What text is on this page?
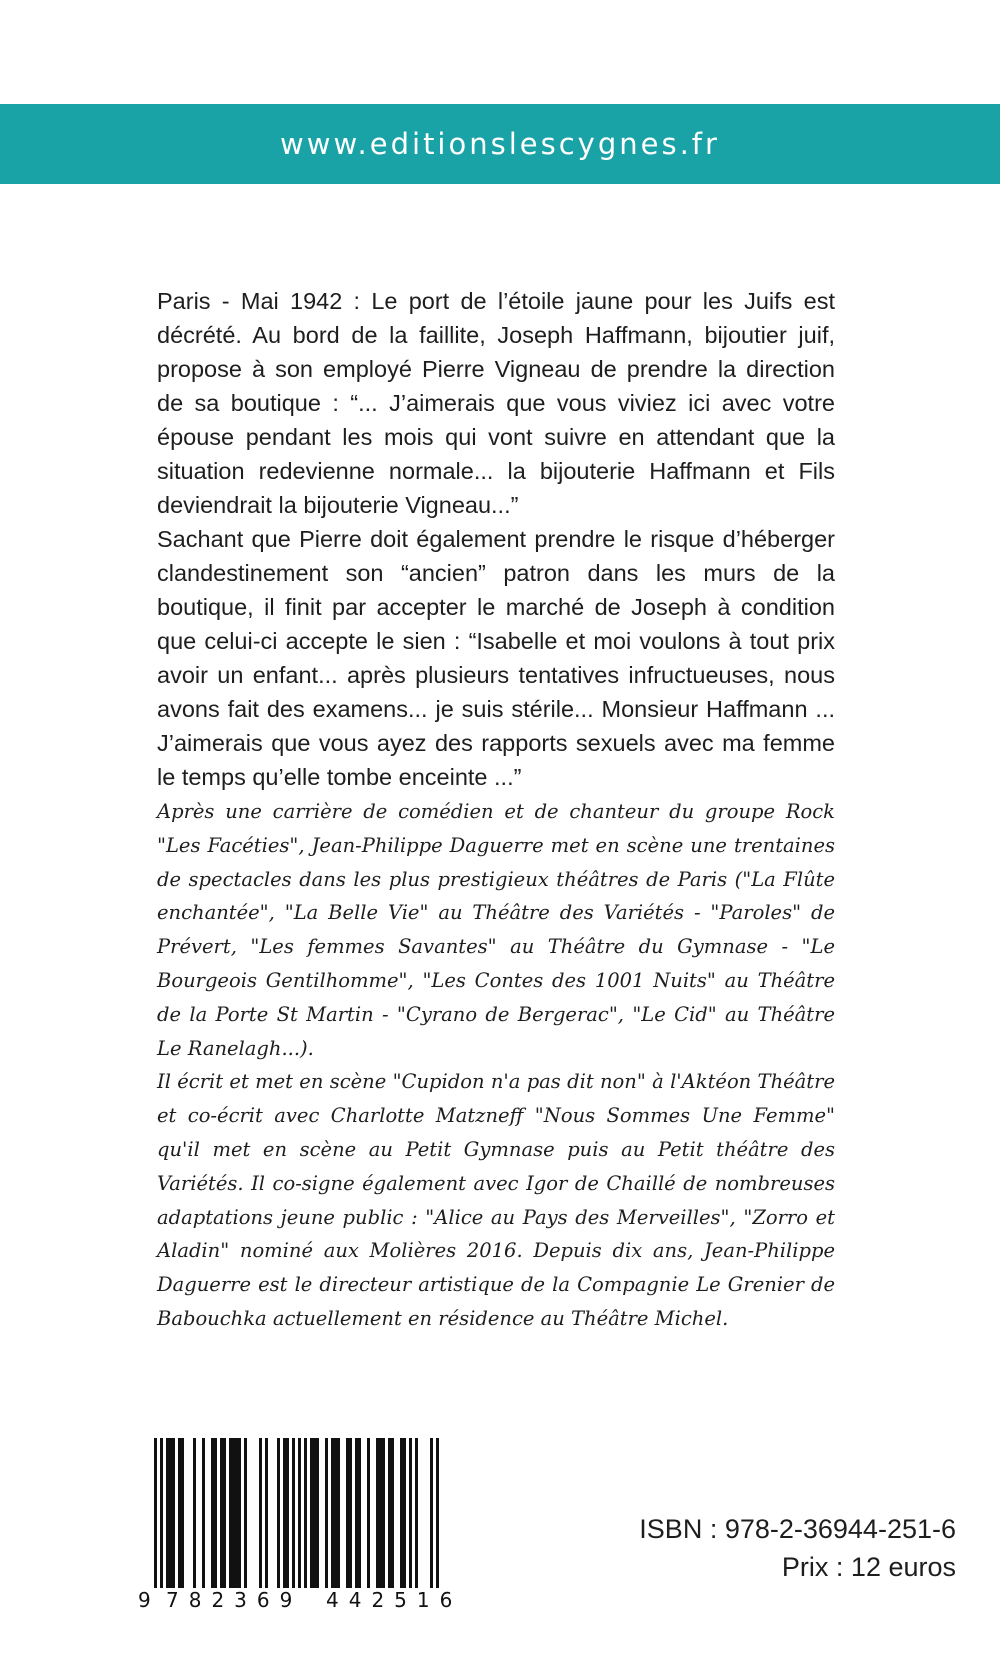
www.editionslescygnes.fr

Paris - Mai 1942 : Le port de l’étoile jaune pour les Juifs est décrété. Au bord de la faillite, Joseph Haffmann, bijoutier juif, propose à son employé Pierre Vigneau de prendre la direction de sa boutique : “... J’aimerais que vous viviez ici avec votre épouse pendant les mois qui vont suivre en attendant que la situation redevienne normale... la bijouterie Haffmann et Fils deviendrait la bijouterie Vigneau...”

Sachant que Pierre doit également prendre le risque d’héberger clandestinement son “ancien” patron dans les murs de la boutique, il finit par accepter le marché de Joseph à condition que celui-ci accepte le sien : “Isabelle et moi voulons à tout prix avoir un enfant... après plusieurs tentatives infructueuses, nous avons fait des examens... je suis stérile... Monsieur Haffmann ... J’aimerais que vous ayez des rapports sexuels avec ma femme le temps qu’elle tombe enceinte ...”

Après une carrière de comédien et de chanteur du groupe Rock "Les Facéties", Jean-Philippe Daguerre met en scène une trentaines de spectacles dans les plus prestigieux théâtres de Paris ("La Flûte enchantée", "La Belle Vie" au Théâtre des Variétés - "Paroles" de Prévert, "Les femmes Savantes" au Théâtre du Gymnase - "Le Bourgeois Gentilhomme", "Les Contes des 1001 Nuits" au Théâtre de la Porte St Martin - "Cyrano de Bergerac", "Le Cid" au Théâtre Le Ranelagh...).

Il écrit et met en scène "Cupidon n'a pas dit non" à l'Aktéon Théâtre et co-écrit avec Charlotte Matzneff "Nous Sommes Une Femme" qu'il met en scène au Petit Gymnase puis au Petit théâtre des Variétés. Il co-signe également avec Igor de Chaillé de nombreuses adaptations jeune public : "Alice au Pays des Merveilles", "Zorro et Aladin" nominé aux Molières 2016. Depuis dix ans, Jean-Philippe Daguerre est le directeur artistique de la Compagnie Le Grenier de Babouchka actuellement en résidence au Théâtre Michel.

9 782369 442516
ISBN : 978-2-36944-251-6
Prix : 12 euros
